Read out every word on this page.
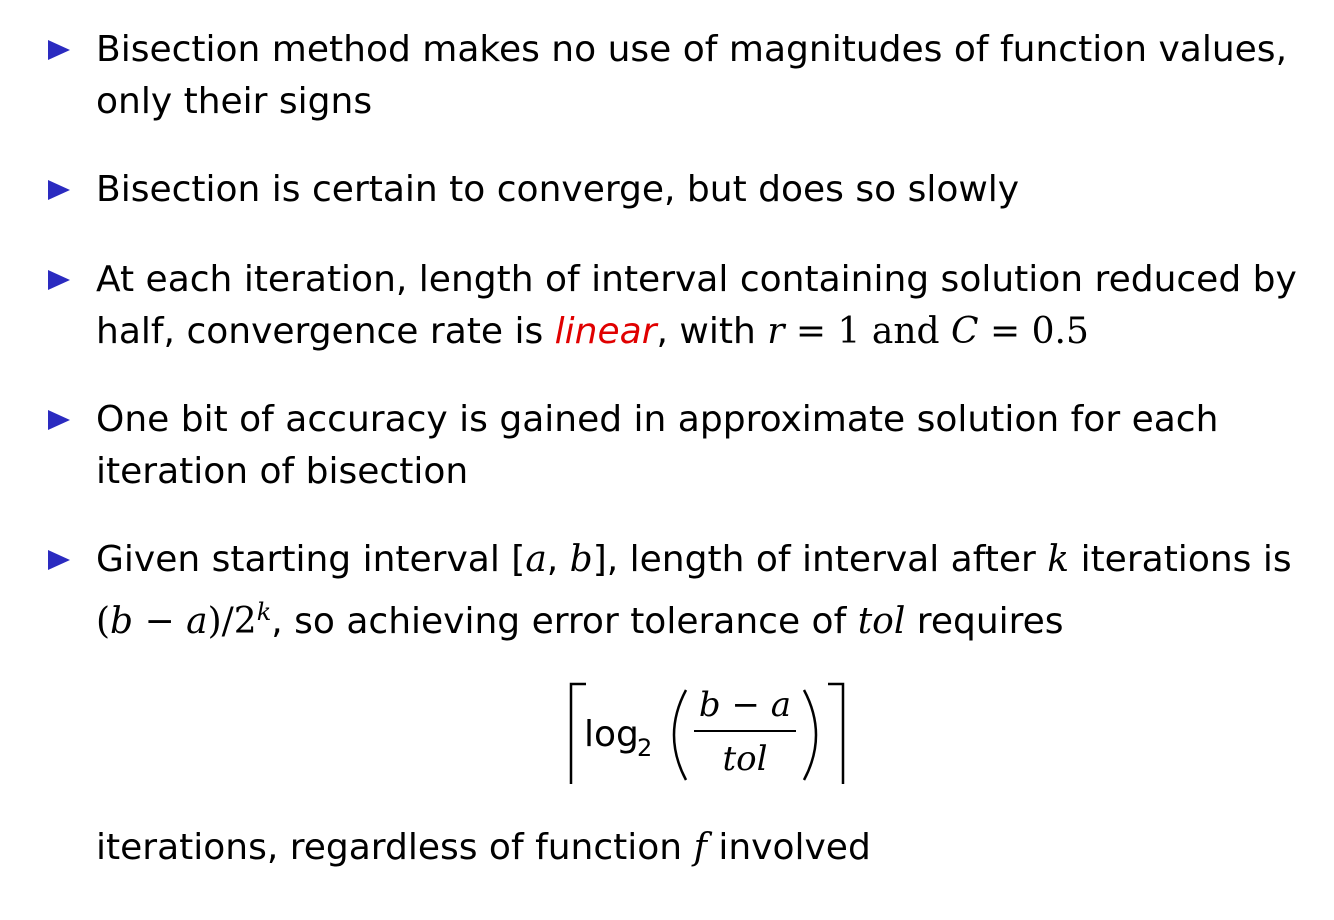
Bisection method makes no use of magnitudes of function values,
only their signs
Bisection is certain to converge, but does so slowly
At each iteration, length of interval containing solution reduced by
half, convergence rate is linear, with r = 1 and C = 0.5
One bit of accuracy is gained in approximate solution for each
iteration of bisection
Given starting interval [a, b], length of interval after k iterations is
$(b - a)/2^k$, so achieving error tolerance of tol requires
log
2
b − a
tol
iterations, regardless of function f involved
